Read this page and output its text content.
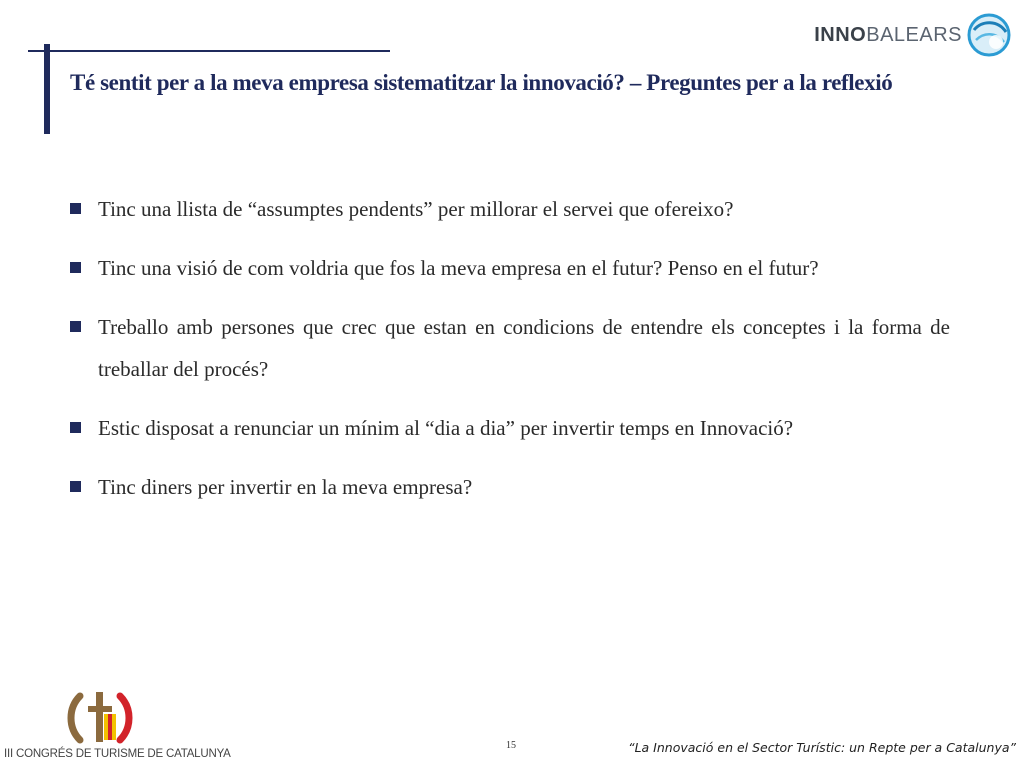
Té sentit per a la meva empresa sistematitzar la innovació? – Preguntes per a la reflexió
INNOBALEARS
Tinc una llista de “assumptes pendents” per millorar el servei que ofereixo?
Tinc una visió de com voldria que fos la meva empresa en el futur? Penso en el futur?
Treballo amb persones que crec que estan en condicions de entendre els conceptes i la forma de treballar del procés?
Estic disposat a renunciar un mínim al “dia a dia” per invertir temps en Innovació?
Tinc diners per invertir en la meva empresa?
III CONGRÉS DE TURISME DE CATALUNYA
15	“La Innovació en el Sector Turístic: un Repte per a Catalunya”
